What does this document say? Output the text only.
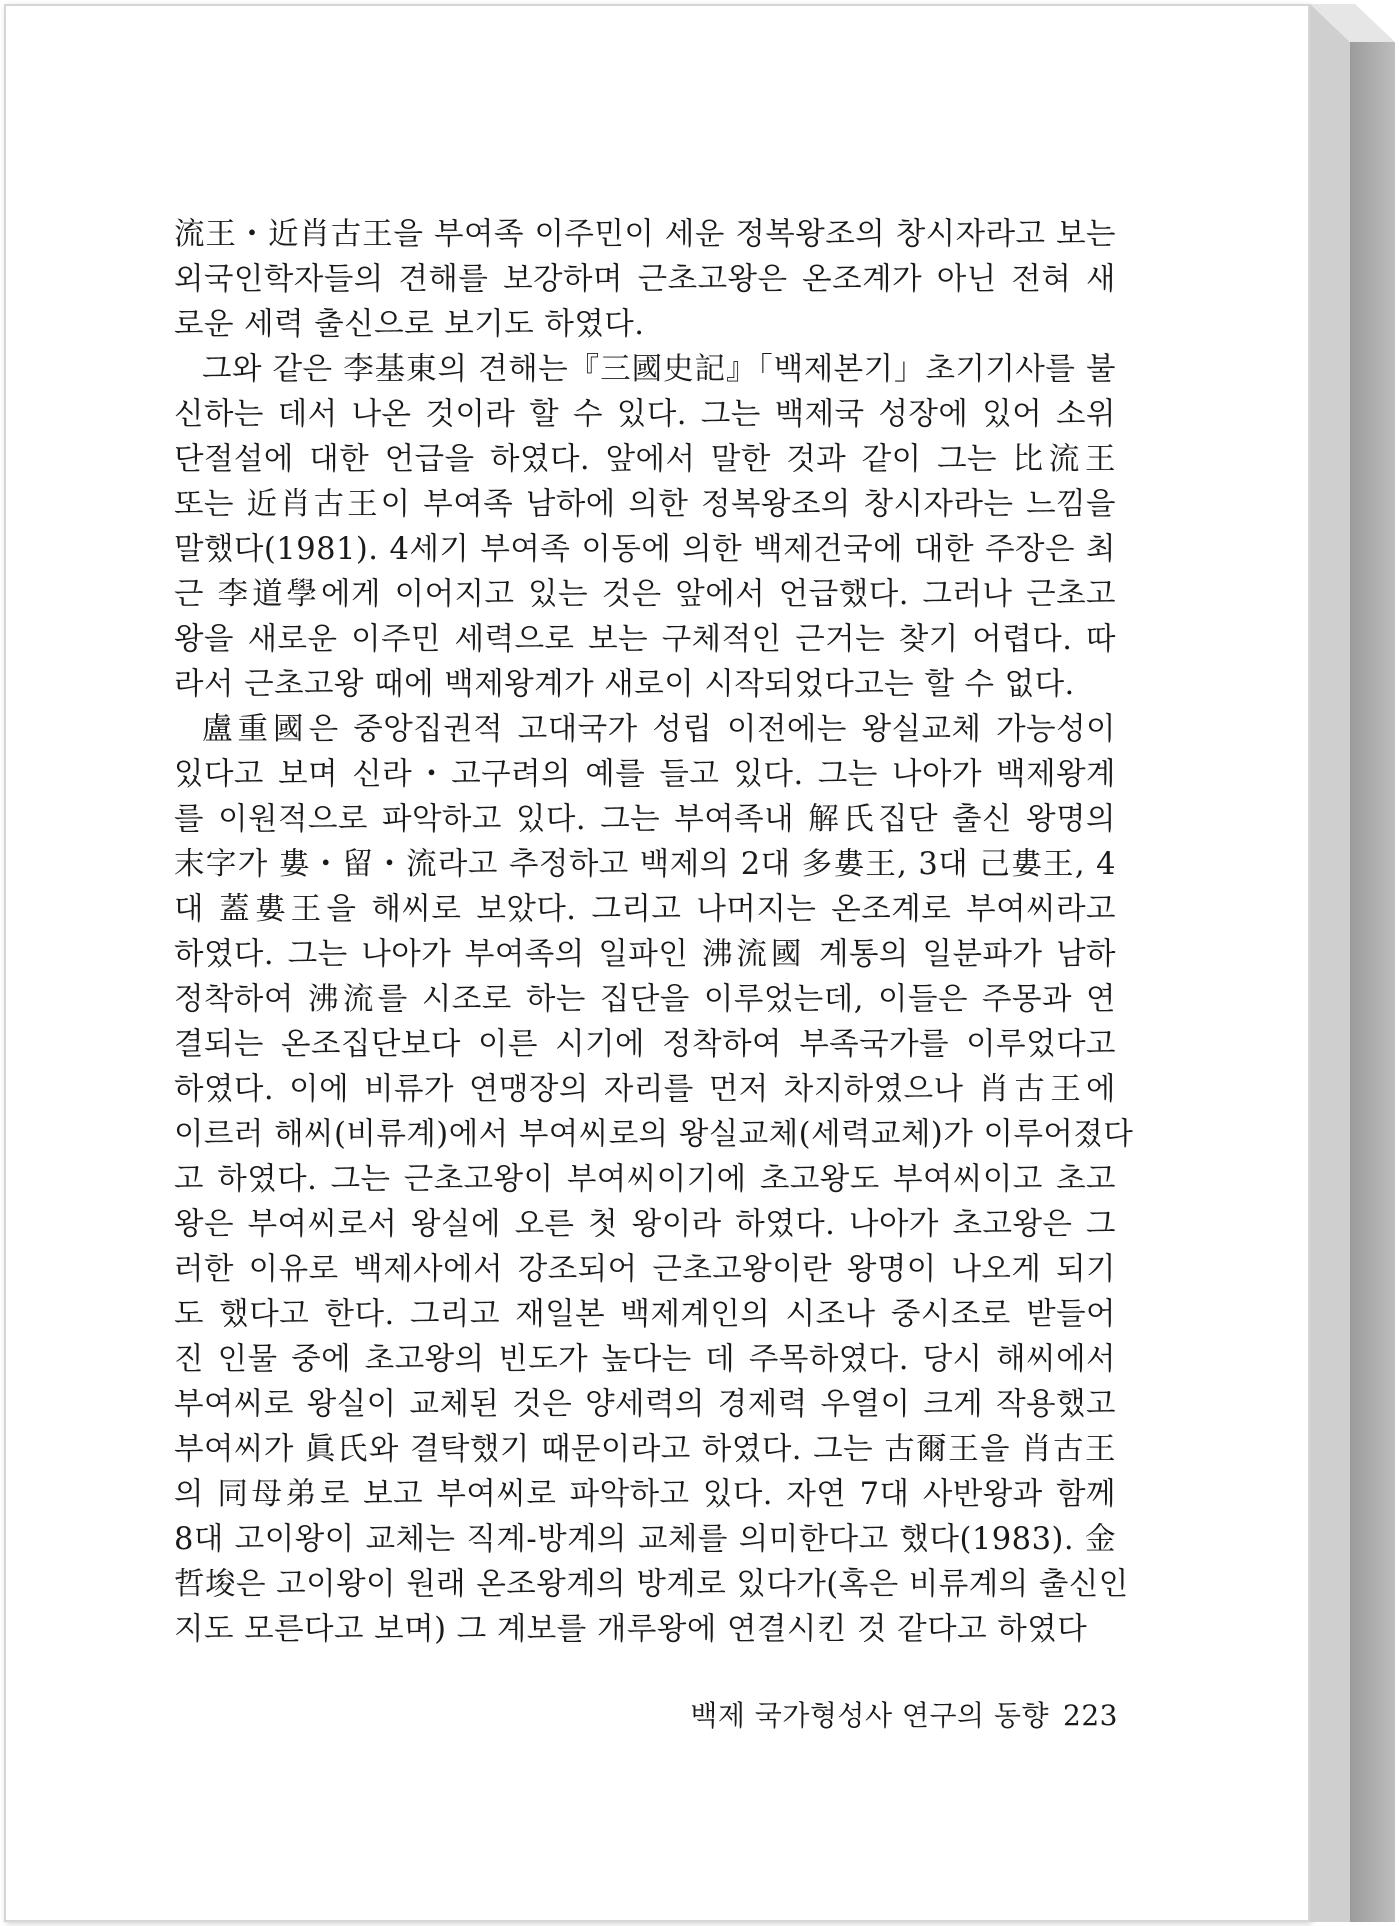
流王・近肖古王을 부여족 이주민이 세운 정복왕조의 창시자라고 보는
외국인학자들의 견해를 보강하며 근초고왕은 온조계가 아닌 전혀 새
로운 세력 출신으로 보기도 하였다.
그와 같은 李基東의 견해는『三國史記』「백제본기」초기기사를 불
신하는 데서 나온 것이라 할 수 있다. 그는 백제국 성장에 있어 소위
단절설에 대한 언급을 하였다. 앞에서 말한 것과 같이 그는 比流王
또는 近肖古王이 부여족 남하에 의한 정복왕조의 창시자라는 느낌을
말했다(1981). 4세기 부여족 이동에 의한 백제건국에 대한 주장은 최
근 李道學에게 이어지고 있는 것은 앞에서 언급했다. 그러나 근초고
왕을 새로운 이주민 세력으로 보는 구체적인 근거는 찾기 어렵다. 따
라서 근초고왕 때에 백제왕계가 새로이 시작되었다고는 할 수 없다.
盧重國은 중앙집권적 고대국가 성립 이전에는 왕실교체 가능성이
있다고 보며 신라・고구려의 예를 들고 있다. 그는 나아가 백제왕계
를 이원적으로 파악하고 있다. 그는 부여족내 解氏집단 출신 왕명의
末字가 婁・留・流라고 추정하고 백제의 2대 多婁王, 3대 己婁王, 4
대 蓋婁王을 해씨로 보았다. 그리고 나머지는 온조계로 부여씨라고
하였다. 그는 나아가 부여족의 일파인 沸流國 계통의 일분파가 남하
정착하여 沸流를 시조로 하는 집단을 이루었는데, 이들은 주몽과 연
결되는 온조집단보다 이른 시기에 정착하여 부족국가를 이루었다고
하였다. 이에 비류가 연맹장의 자리를 먼저 차지하였으나 肖古王에
이르러 해씨(비류계)에서 부여씨로의 왕실교체(세력교체)가 이루어졌다
고 하였다. 그는 근초고왕이 부여씨이기에 초고왕도 부여씨이고 초고
왕은 부여씨로서 왕실에 오른 첫 왕이라 하였다. 나아가 초고왕은 그
러한 이유로 백제사에서 강조되어 근초고왕이란 왕명이 나오게 되기
도 했다고 한다. 그리고 재일본 백제계인의 시조나 중시조로 받들어
진 인물 중에 초고왕의 빈도가 높다는 데 주목하였다. 당시 해씨에서
부여씨로 왕실이 교체된 것은 양세력의 경제력 우열이 크게 작용했고
부여씨가 眞氏와 결탁했기 때문이라고 하였다. 그는 古爾王을 肖古王
의 同母弟로 보고 부여씨로 파악하고 있다. 자연 7대 사반왕과 함께
8대 고이왕이 교체는 직계-방계의 교체를 의미한다고 했다(1983). 金
哲埈은 고이왕이 원래 온조왕계의 방계로 있다가(혹은 비류계의 출신인
지도 모른다고 보며) 그 계보를 개루왕에 연결시킨 것 같다고 하였다
백제 국가형성사 연구의 동향 223
